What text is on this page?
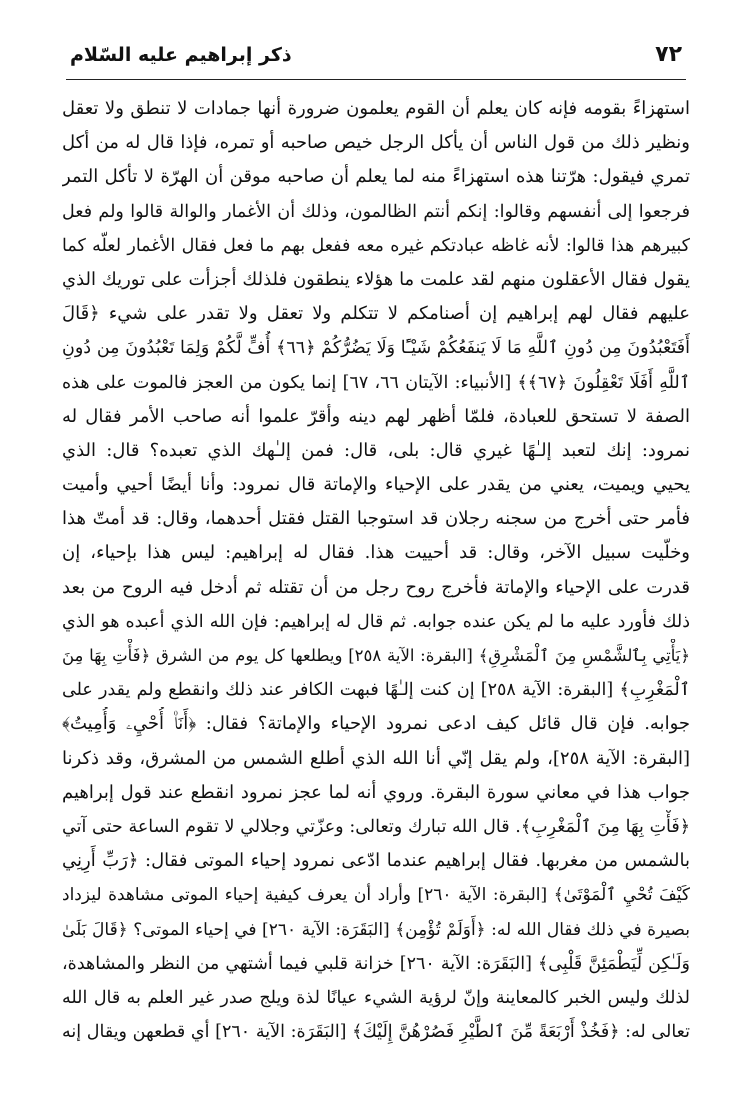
٧٢
ذكر إبراهيم عليه السّلام
استهزاءً بقومه فإنه كان يعلم أن القوم يعلمون ضرورة أنها جمادات لا تنطق ولا تعقل
ونظير ذلك من قول الناس أن يأكل الرجل خيص صاحبه أو تمره، فإذا قال له من أكل
تمري فيقول: هرّتنا هذه استهزاءً منه لما يعلم أن صاحبه موقن أن الهرّة لا تأكل التمر
فرجعوا إلى أنفسهم وقالوا: إنكم أنتم الظالمون، وذلك أن الأغمار والوالة قالوا ولم فعل
كبيرهم هذا قالوا: لأنه غاظه عبادتكم غيره معه ففعل بهم ما فعل فقال الأغمار لعلّه كما
يقول فقال الأعقلون منهم لقد علمت ما هؤلاء ينطقون فلذلك أجزأت على توريك الذي
عليهم فقال لهم إبراهيم إن أصنامكم لا تتكلم ولا تعقل ولا تقدر على شيء ﴿قَالَ
أَفَتَعْبُدُونَ مِن دُونِ ٱللَّهِ مَا لَا يَنفَعُكُمْ شَيْـًٔا وَلَا يَضُرُّكُمْ ﴿٦٦﴾ أُفٍّ لَّكُمْ وَلِمَا تَعْبُدُونَ مِن دُونِ
ٱللَّهِ أَفَلَا تَعْقِلُونَ ﴿٦٧﴾﴾ [الأنبياء: الآيتان ٦٦، ٦٧] إنما يكون من العجز فالموت على هذه
الصفة لا تستحق للعبادة، فلمّا أظهر لهم دينه وأقرّ علموا أنه صاحب الأمر فقال له
نمرود: إنك لتعبد إلـٰهًا غيري قال: بلى، قال: فمن إلـٰهك الذي تعبده؟ قال: الذي
يحيي ويميت، يعني من يقدر على الإحياء والإماتة قال نمرود: وأنا أيضًا أحيي وأميت
فأمر حتى أخرج من سجنه رجلان قد استوجبا القتل فقتل أحدهما، وقال: قد أمتّ هذا
وخلّيت سبيل الآخر، وقال: قد أحييت هذا. فقال له إبراهيم: ليس هذا بإحياء، إن
قدرت على الإحياء والإماتة فأخرج روح رجل من أن تقتله ثم أدخل فيه الروح من بعد
ذلك فأورد عليه ما لم يكن عنده جوابه. ثم قال له إبراهيم: فإن الله الذي أعبده هو الذي
﴿يَأْتِي بِٱلشَّمْسِ مِنَ ٱلْمَشْرِقِ﴾ [البقرة: الآية ٢٥٨] ويطلعها كل يوم من الشرق ﴿فَأْتِ بِهَا مِنَ
ٱلْمَغْرِبِ﴾ [البقرة: الآية ٢٥٨] إن كنت إلـٰهًا فبهت الكافر عند ذلك وانقطع ولم يقدر على
جوابه. فإن قال قائل كيف ادعى نمرود الإحياء والإماتة؟ فقال: ﴿أَنَا۠ أُحْيِۦ وَأُمِيتُ﴾
[البقرة: الآية ٢٥٨]، ولم يقل إنّي أنا الله الذي أطلع الشمس من المشرق، وقد ذكرنا
جواب هذا في معاني سورة البقرة. وروي أنه لما عجز نمرود انقطع عند قول إبراهيم
﴿فَأْتِ بِهَا مِنَ ٱلْمَغْرِبِ﴾. قال الله تبارك وتعالى: وعزّتي وجلالي لا تقوم الساعة حتى آتي
بالشمس من مغربها. فقال إبراهيم عندما ادّعى نمرود إحياء الموتى فقال: ﴿رَبِّ أَرِنِي
كَيْفَ تُحْيِ ٱلْمَوْتَىٰ﴾ [البقرة: الآية ٢٦٠] وأراد أن يعرف كيفية إحياء الموتى مشاهدة ليزداد
بصيرة في ذلك فقال الله له: ﴿أَوَلَمْ تُؤْمِن﴾ [البَقَرَة: الآية ٢٦٠] في إحياء الموتى؟ ﴿قَالَ بَلَىٰ
وَلَـٰكِن لِّيَطْمَئِنَّ قَلْبِى﴾ [البَقَرَة: الآية ٢٦٠] خزانة قلبي فيما أشتهي من النظر والمشاهدة،
لذلك وليس الخبر كالمعاينة وإنّ لرؤية الشيء عيانًا لذة ويلج صدر غير العلم به قال الله
تعالى له: ﴿فَخُذْ أَرْبَعَةً مِّنَ ٱلطَّيْرِ فَصُرْهُنَّ إِلَيْكَ﴾ [البَقَرَة: الآية ٢٦٠] أي قطعهن ويقال إنه
